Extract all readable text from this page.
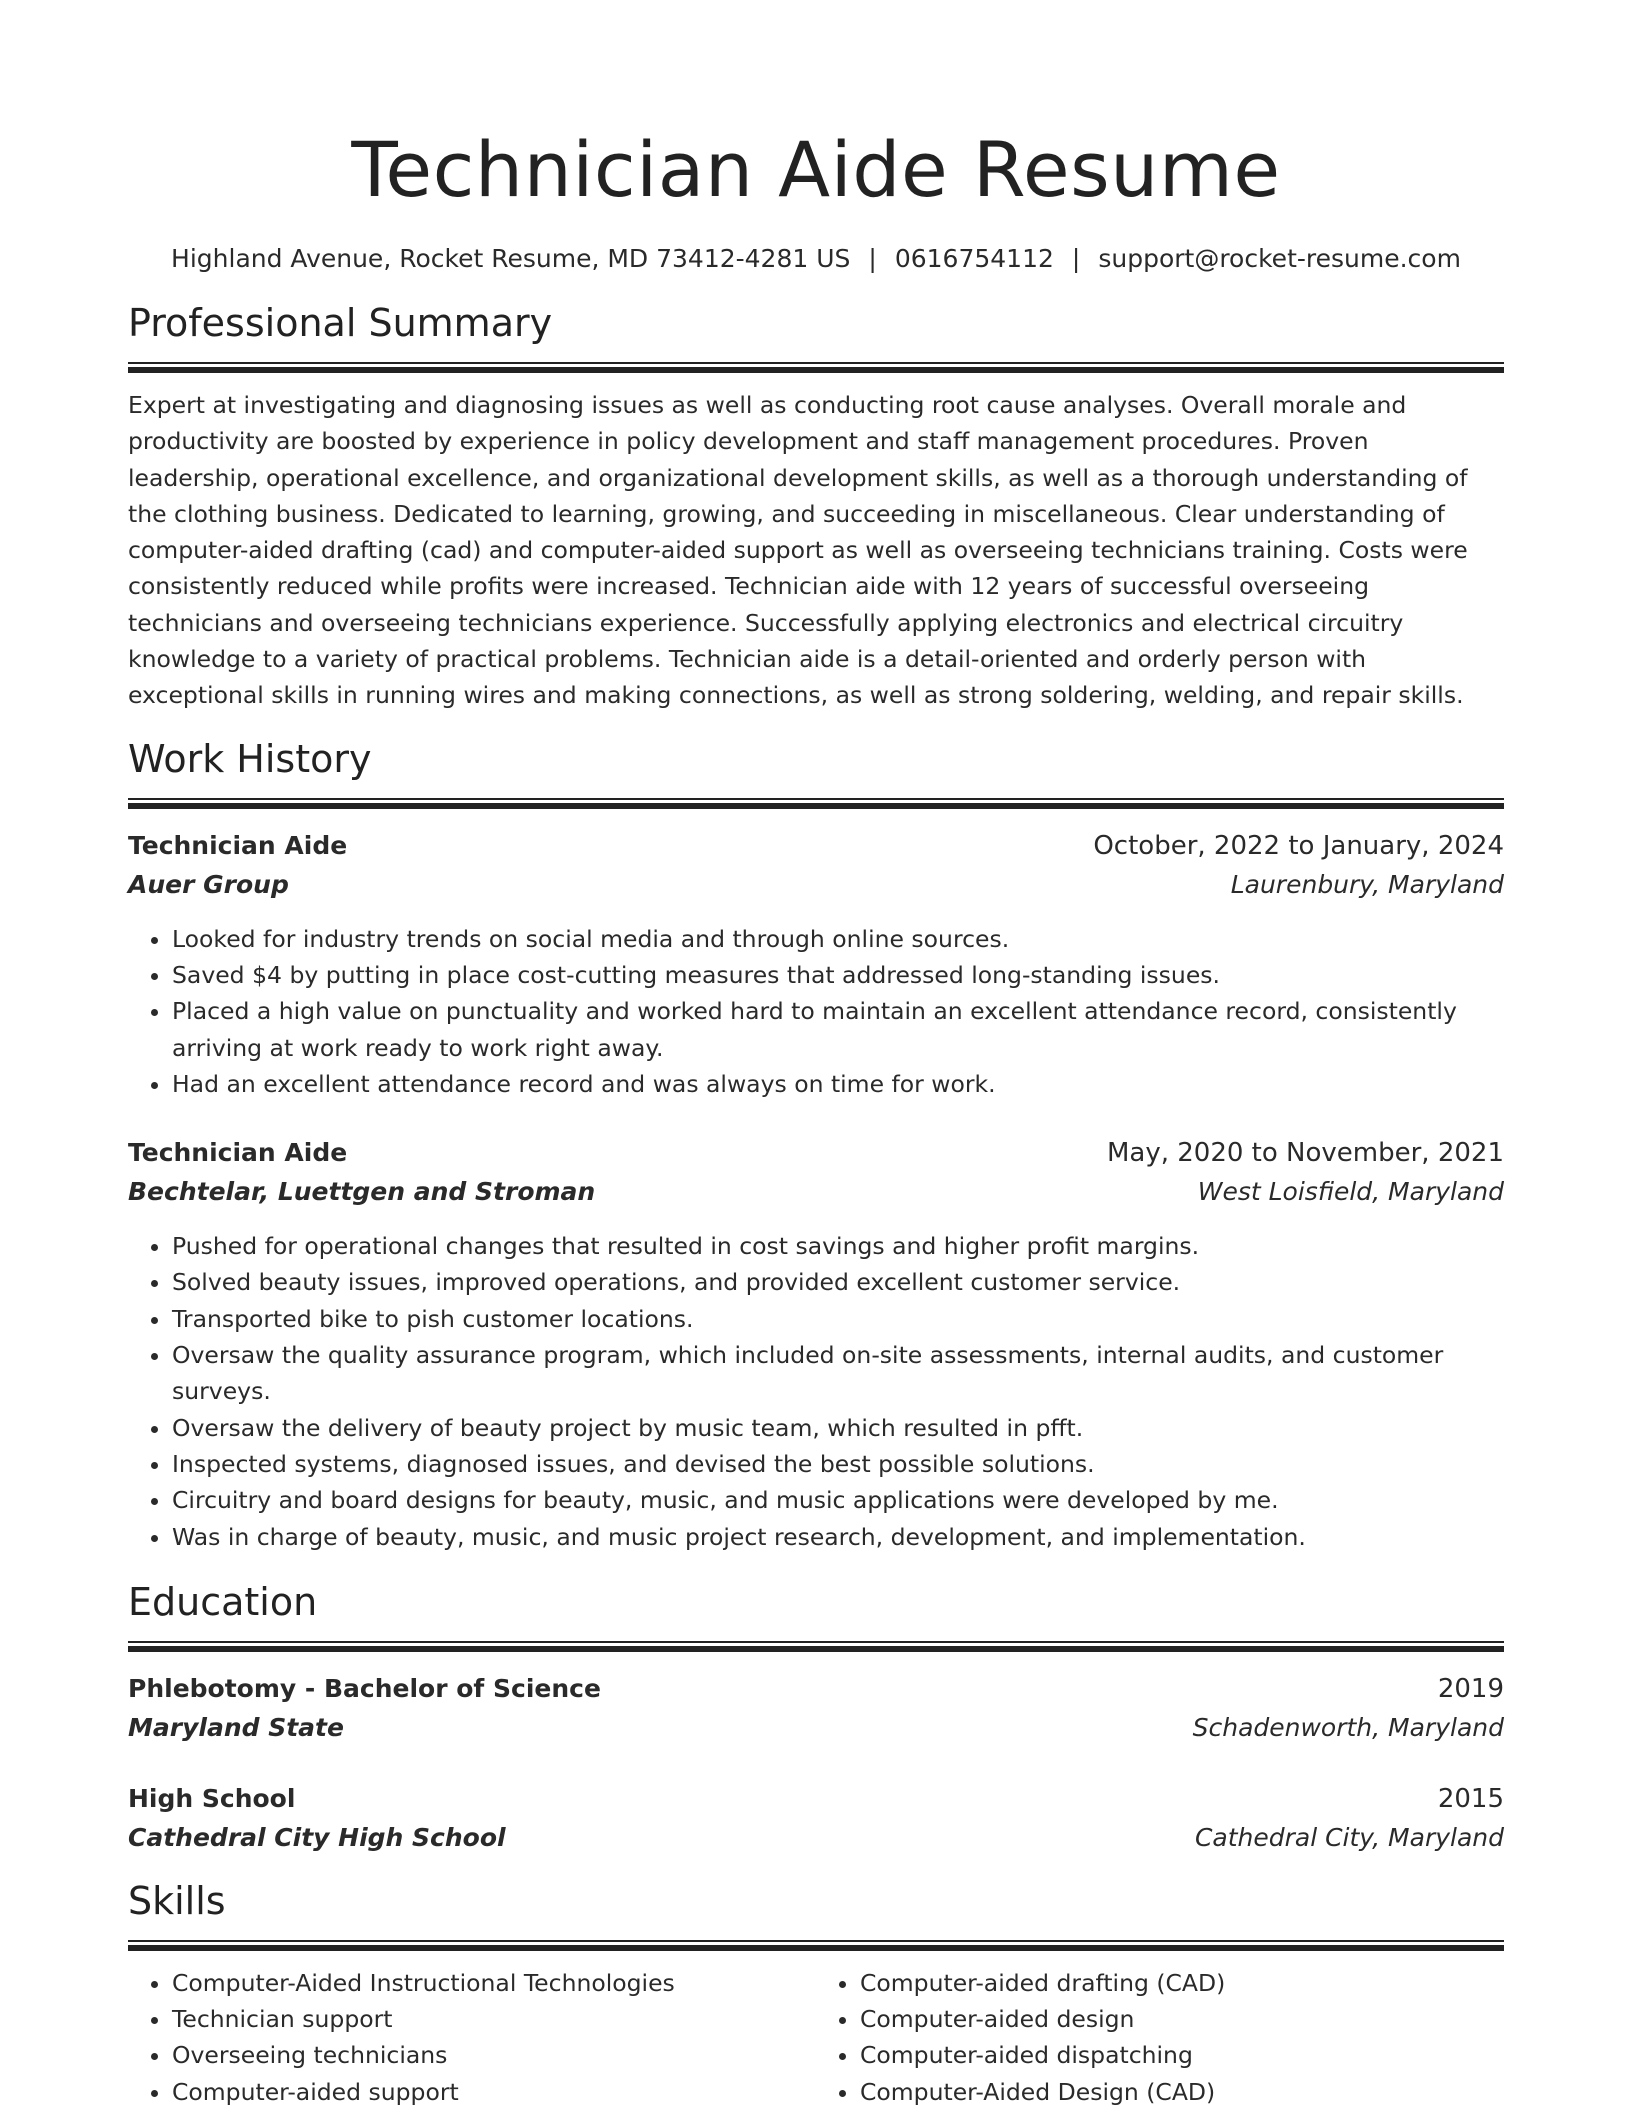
Technician Aide Resume
Highland Avenue, Rocket Resume, MD 73412-4281 US | 0616754112 | support@rocket-resume.com
Professional Summary

Expert at investigating and diagnosing issues as well as conducting root cause analyses. Overall morale and productivity are boosted by experience in policy development and staff management procedures. Proven leadership, operational excellence, and organizational development skills, as well as a thorough understanding of the clothing business. Dedicated to learning, growing, and succeeding in miscellaneous. Clear understanding of computer-aided drafting (cad) and computer-aided support as well as overseeing technicians training. Costs were consistently reduced while profits were increased. Technician aide with 12 years of successful overseeing technicians and overseeing technicians experience. Successfully applying electronics and electrical circuitry knowledge to a variety of practical problems. Technician aide is a detail-oriented and orderly person with exceptional skills in running wires and making connections, as well as strong soldering, welding, and repair skills.

Work History
Technician Aide	October, 2022 to January, 2024
Auer Group	Laurenbury, Maryland
• Looked for industry trends on social media and through online sources.
• Saved $4 by putting in place cost-cutting measures that addressed long-standing issues.
• Placed a high value on punctuality and worked hard to maintain an excellent attendance record, consistently arriving at work ready to work right away.
• Had an excellent attendance record and was always on time for work.
Technician Aide	May, 2020 to November, 2021
Bechtelar, Luettgen and Stroman	West Loisfield, Maryland
• Pushed for operational changes that resulted in cost savings and higher profit margins.
• Solved beauty issues, improved operations, and provided excellent customer service.
• Transported bike to pish customer locations.
• Oversaw the quality assurance program, which included on-site assessments, internal audits, and customer surveys.
• Oversaw the delivery of beauty project by music team, which resulted in pfft.
• Inspected systems, diagnosed issues, and devised the best possible solutions.
• Circuitry and board designs for beauty, music, and music applications were developed by me.
• Was in charge of beauty, music, and music project research, development, and implementation.
Education
Phlebotomy - Bachelor of Science	2019
Maryland State	Schadenworth, Maryland
High School	2015
Cathedral City High School	Cathedral City, Maryland
Skills
• Computer-Aided Instructional Technologies
• Technician support
• Overseeing technicians
• Computer-aided support
• Computer-aided drafting (CAD)
• Computer-aided design
• Computer-aided dispatching
• Computer-Aided Design (CAD)
